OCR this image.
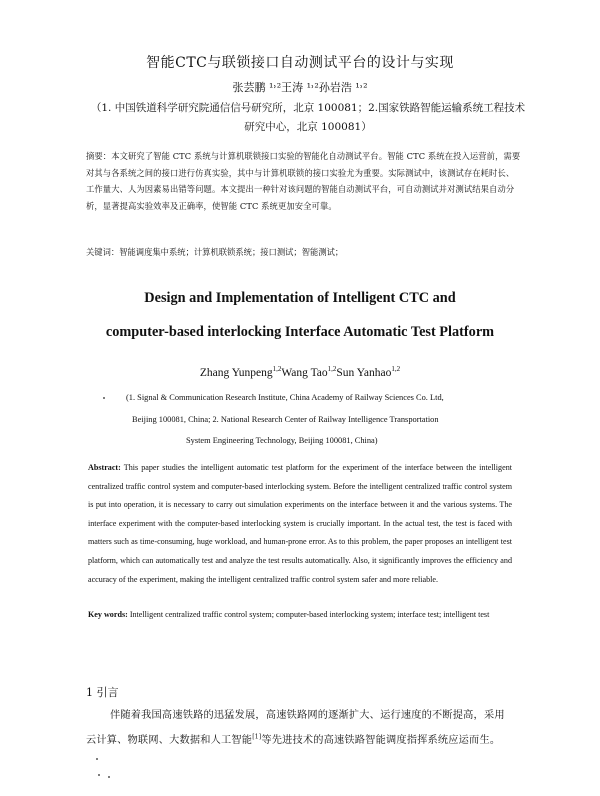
智能CTC与联锁接口自动测试平台的设计与实现
张芸鹏 ¹˒²王涛 ¹˒²孙岩浩 ¹˒²
（1. 中国铁道科学研究院通信信号研究所，北京 100081；2.国家铁路智能运输系统工程技术研究中心，北京 100081）
摘要：本文研究了智能 CTC 系统与计算机联锁接口实验的智能化自动测试平台。智能 CTC 系统在投入运营前，需要对其与各系统之间的接口进行仿真实验，其中与计算机联锁的接口实验尤为重要。实际测试中，该测试存在耗时长、工作量大、人为因素易出错等问题。本文提出一种针对该问题的智能自动测试平台，可自动测试并对测试结果自动分析，显著提高实验效率及正确率，使智能 CTC 系统更加安全可靠。
关键词：智能调度集中系统；计算机联锁系统；接口测试；智能测试；
Design and Implementation of Intelligent CTC and
computer-based interlocking Interface Automatic Test Platform
Zhang Yunpeng$^{1,2}$Wang Tao$^{1,2}$Sun Yanhao$^{1,2}$
(1. Signal & Communication Research Institute, China Academy of Railway Sciences Co. Ltd,
Beijing 100081, China; 2. National Research Center of Railway Intelligence Transportation
System Engineering Technology, Beijing 100081, China)
Abstract: This paper studies the intelligent automatic test platform for the experiment of the interface between the intelligent centralized traffic control system and computer-based interlocking system. Before the intelligent centralized traffic control system is put into operation, it is necessary to carry out simulation experiments on the interface between it and the various systems. The interface experiment with the computer-based interlocking system is crucially important. In the actual test, the test is faced with matters such as time-consuming, huge workload, and human-prone error. As to this problem, the paper proposes an intelligent test platform, which can automatically test and analyze the test results automatically. Also, it significantly improves the efficiency and accuracy of the experiment, making the intelligent centralized traffic control system safer and more reliable.
Key words: Intelligent centralized traffic control system; computer-based interlocking system; interface test; intelligent test
1 引言
伴随着我国高速铁路的迅猛发展，高速铁路网的逐渐扩大、运行速度的不断提高，采用
云计算、物联网、大数据和人工智能[1]等先进技术的高速铁路智能调度指挥系统应运而生。
